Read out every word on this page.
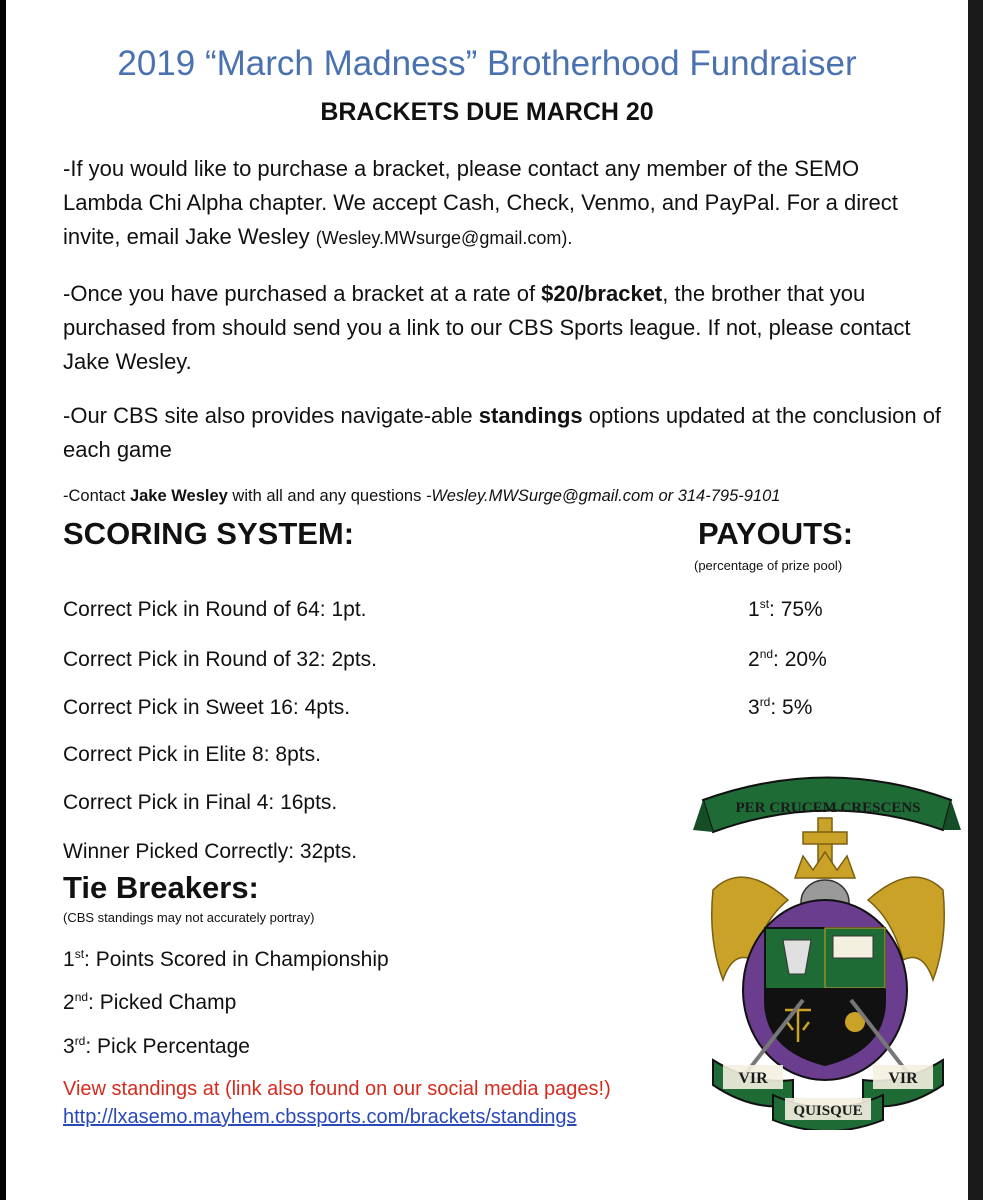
2019 “March Madness” Brotherhood Fundraiser
BRACKETS DUE MARCH 20

-If you would like to purchase a bracket, please contact any member of the SEMO Lambda Chi Alpha chapter. We accept Cash, Check, Venmo, and PayPal. For a direct invite, email Jake Wesley (Wesley.MWsurge@gmail.com).

-Once you have purchased a bracket at a rate of $20/bracket, the brother that you purchased from should send you a link to our CBS Sports league. If not, please contact Jake Wesley.

-Our CBS site also provides navigate-able standings options updated at the conclusion of each game

-Contact Jake Wesley with all and any questions -Wesley.MWSurge@gmail.com or 314-795-9101
SCORING SYSTEM:	PAYOUTS:
(percentage of prize pool)
Correct Pick in Round of 64: 1pt.
Correct Pick in Round of 32: 2pts.
Correct Pick in Sweet 16: 4pts.
Correct Pick in Elite 8: 8pts.
Correct Pick in Final 4: 16pts.
Winner Picked Correctly: 32pts.
1st: 75%
2nd: 20%
3rd: 5%
Tie Breakers:
(CBS standings may not accurately portray)
1st: Points Scored in Championship
2nd: Picked Champ
3rd: Pick Percentage
View standings at (link also found on our social media pages!)
http://lxasemo.mayhem.cbssports.com/brackets/standings
PER CRUCEM CRESCENS
VIR	VIR
QUISQUE
